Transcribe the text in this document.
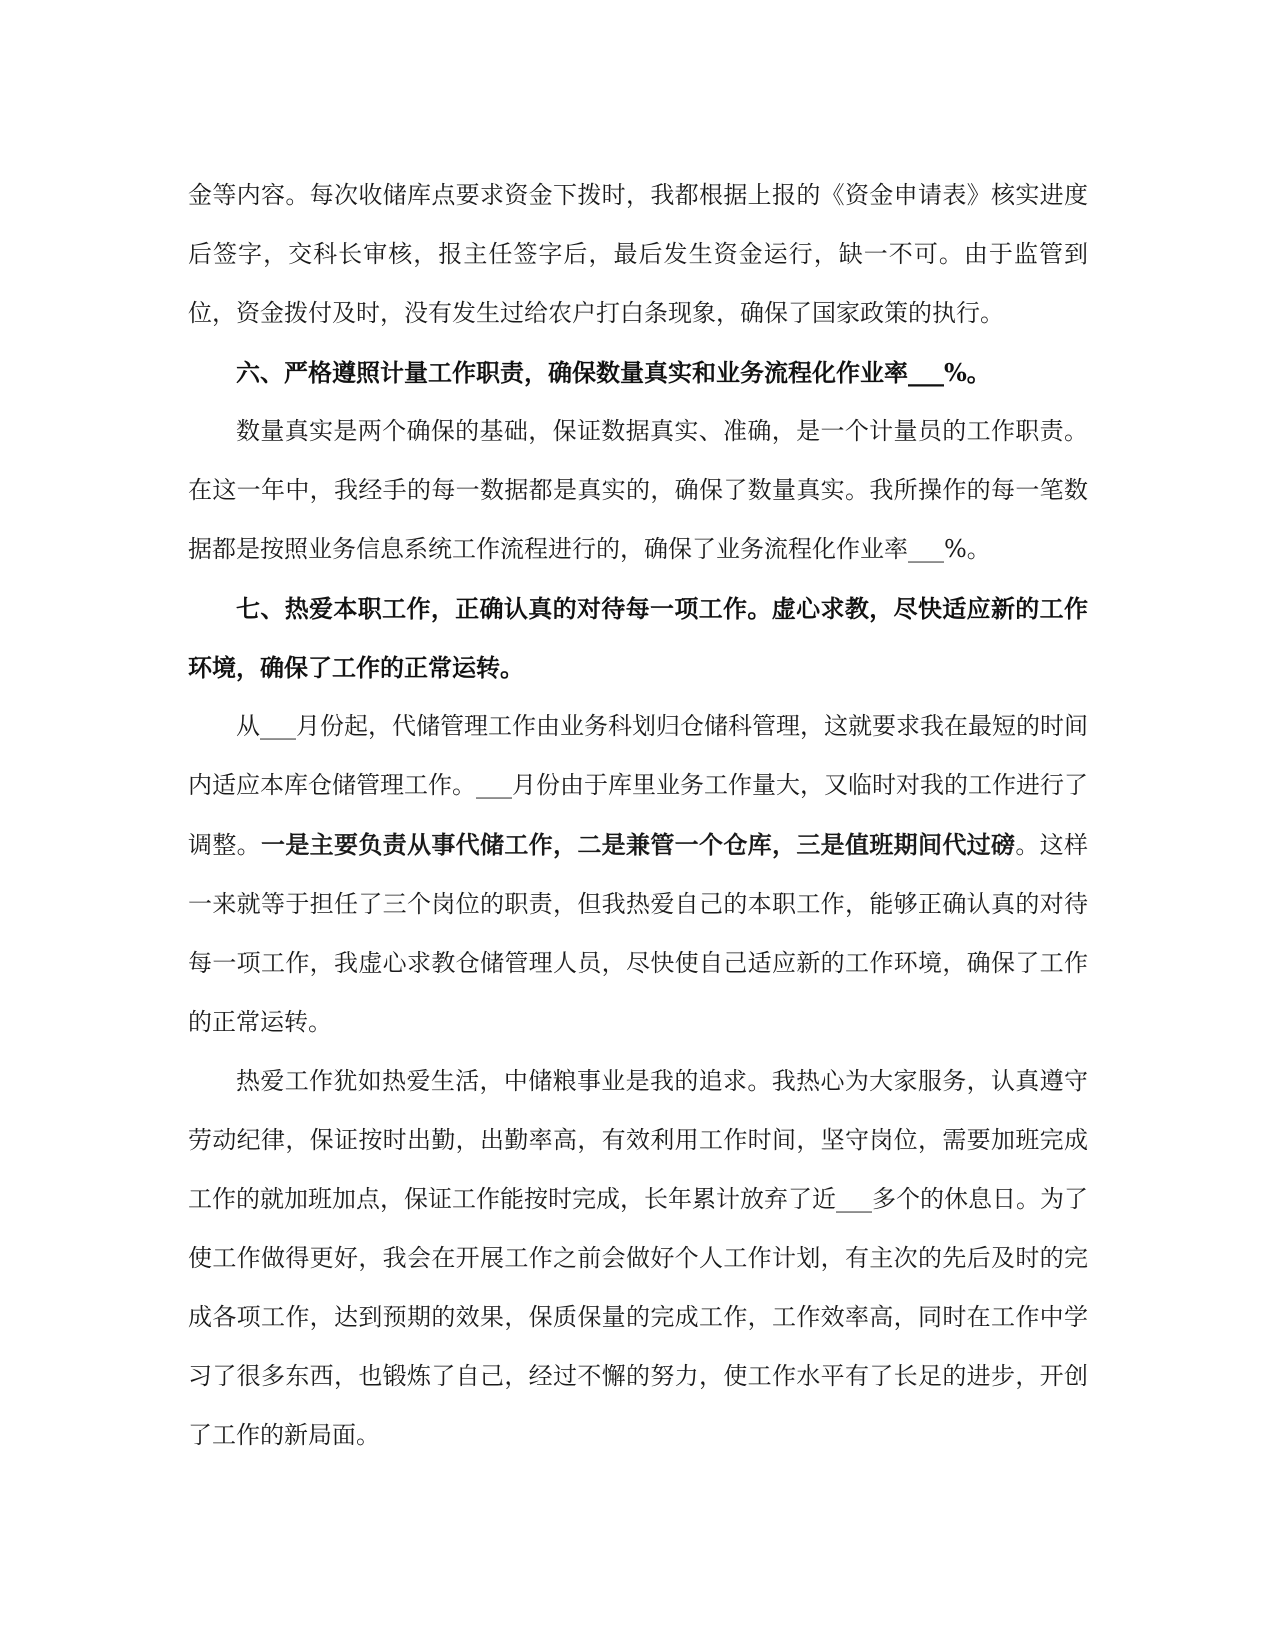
金等内容。每次收储库点要求资金下拨时，我都根据上报的《资金申请表》核实进度后签字，交科长审核，报主任签字后，最后发生资金运行，缺一不可。由于监管到位，资金拨付及时，没有发生过给农户打白条现象，确保了国家政策的执行。

六、严格遵照计量工作职责，确保数量真实和业务流程化作业率___%。

数量真实是两个确保的基础，保证数据真实、准确，是一个计量员的工作职责。在这一年中，我经手的每一数据都是真实的，确保了数量真实。我所操作的每一笔数据都是按照业务信息系统工作流程进行的，确保了业务流程化作业率___%。

七、热爱本职工作，正确认真的对待每一项工作。虚心求教，尽快适应新的工作环境，确保了工作的正常运转。

从___月份起，代储管理工作由业务科划归仓储科管理，这就要求我在最短的时间内适应本库仓储管理工作。___月份由于库里业务工作量大，又临时对我的工作进行了调整。一是主要负责从事代储工作，二是兼管一个仓库，三是值班期间代过磅。这样一来就等于担任了三个岗位的职责，但我热爱自己的本职工作，能够正确认真的对待每一项工作，我虚心求教仓储管理人员，尽快使自己适应新的工作环境，确保了工作的正常运转。

热爱工作犹如热爱生活，中储粮事业是我的追求。我热心为大家服务，认真遵守劳动纪律，保证按时出勤，出勤率高，有效利用工作时间，坚守岗位，需要加班完成工作的就加班加点，保证工作能按时完成，长年累计放弃了近___多个的休息日。为了使工作做得更好，我会在开展工作之前会做好个人工作计划，有主次的先后及时的完成各项工作，达到预期的效果，保质保量的完成工作，工作效率高，同时在工作中学习了很多东西，也锻炼了自己，经过不懈的努力，使工作水平有了长足的进步，开创了工作的新局面。
